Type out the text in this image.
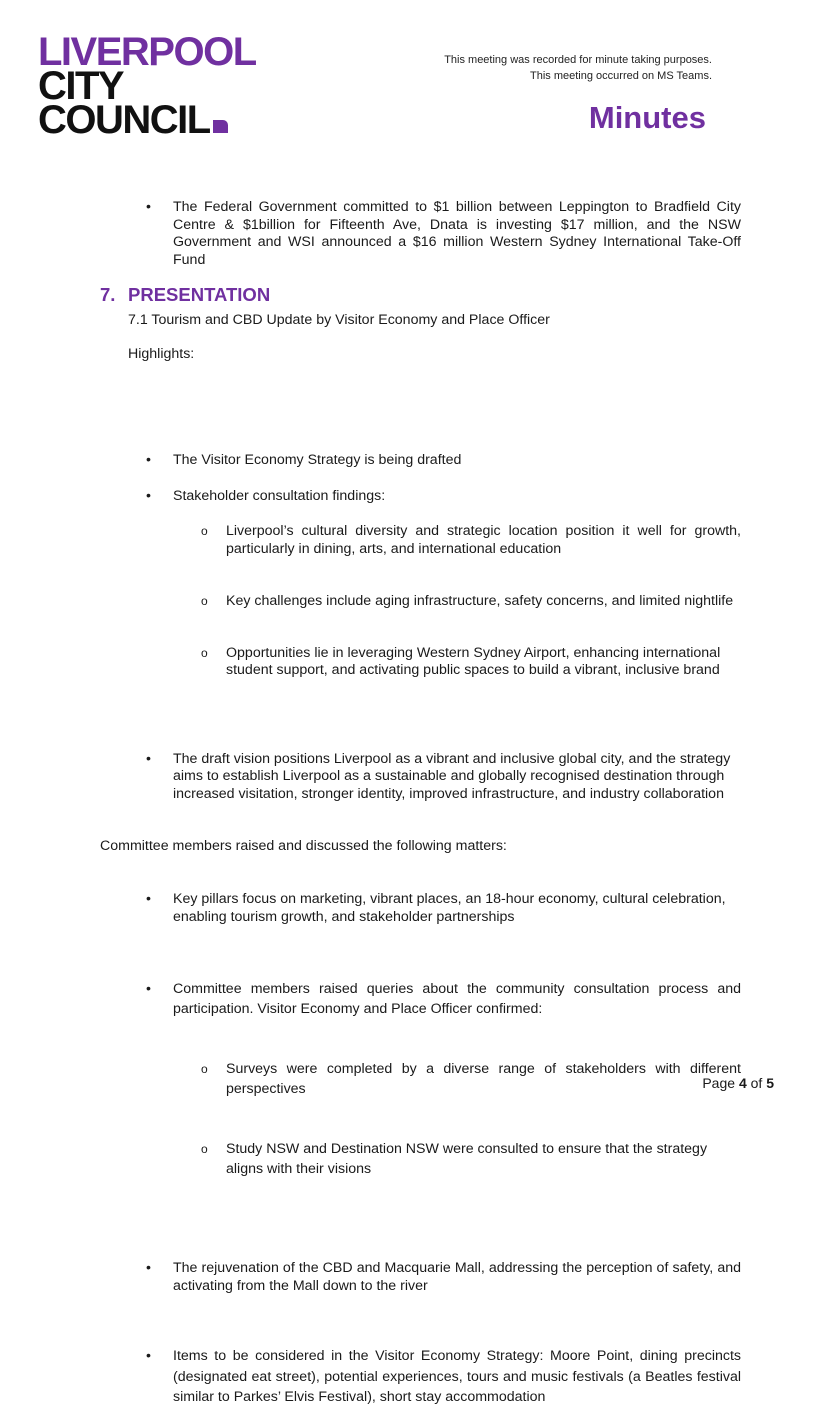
LIVERPOOL
CITY
COUNCIL
This meeting was recorded for minute taking purposes.
This meeting occurred on MS Teams.
Minutes
• The Federal Government committed to $1 billion between Leppington to Bradfield City Centre & $1billion for Fifteenth Ave, Dnata is investing $17 million, and the NSW Government and WSI announced a $16 million Western Sydney International Take-Off Fund
7. PRESENTATION
7.1 Tourism and CBD Update by Visitor Economy and Place Officer
Highlights:
• The Visitor Economy Strategy is being drafted
• Stakeholder consultation findings:
o Liverpool’s cultural diversity and strategic location position it well for growth, particularly in dining, arts, and international education
o Key challenges include aging infrastructure, safety concerns, and limited nightlife
o Opportunities lie in leveraging Western Sydney Airport, enhancing international student support, and activating public spaces to build a vibrant, inclusive brand
• The draft vision positions Liverpool as a vibrant and inclusive global city, and the strategy aims to establish Liverpool as a sustainable and globally recognised destination through increased visitation, stronger identity, improved infrastructure, and industry collaboration
• Key pillars focus on marketing, vibrant places, an 18-hour economy, cultural celebration, enabling tourism growth, and stakeholder partnerships
• Committee members raised queries about the community consultation process and participation. Visitor Economy and Place Officer confirmed:
o Surveys were completed by a diverse range of stakeholders with different perspectives
o Study NSW and Destination NSW were consulted to ensure that the strategy aligns with their visions
Committee members raised and discussed the following matters:
• The rejuvenation of the CBD and Macquarie Mall, addressing the perception of safety, and activating from the Mall down to the river
• Items to be considered in the Visitor Economy Strategy: Moore Point, dining precincts (designated eat street), potential experiences, tours and music festivals (a Beatles festival similar to Parkes’ Elvis Festival), short stay accommodation
Page 4 of 5
